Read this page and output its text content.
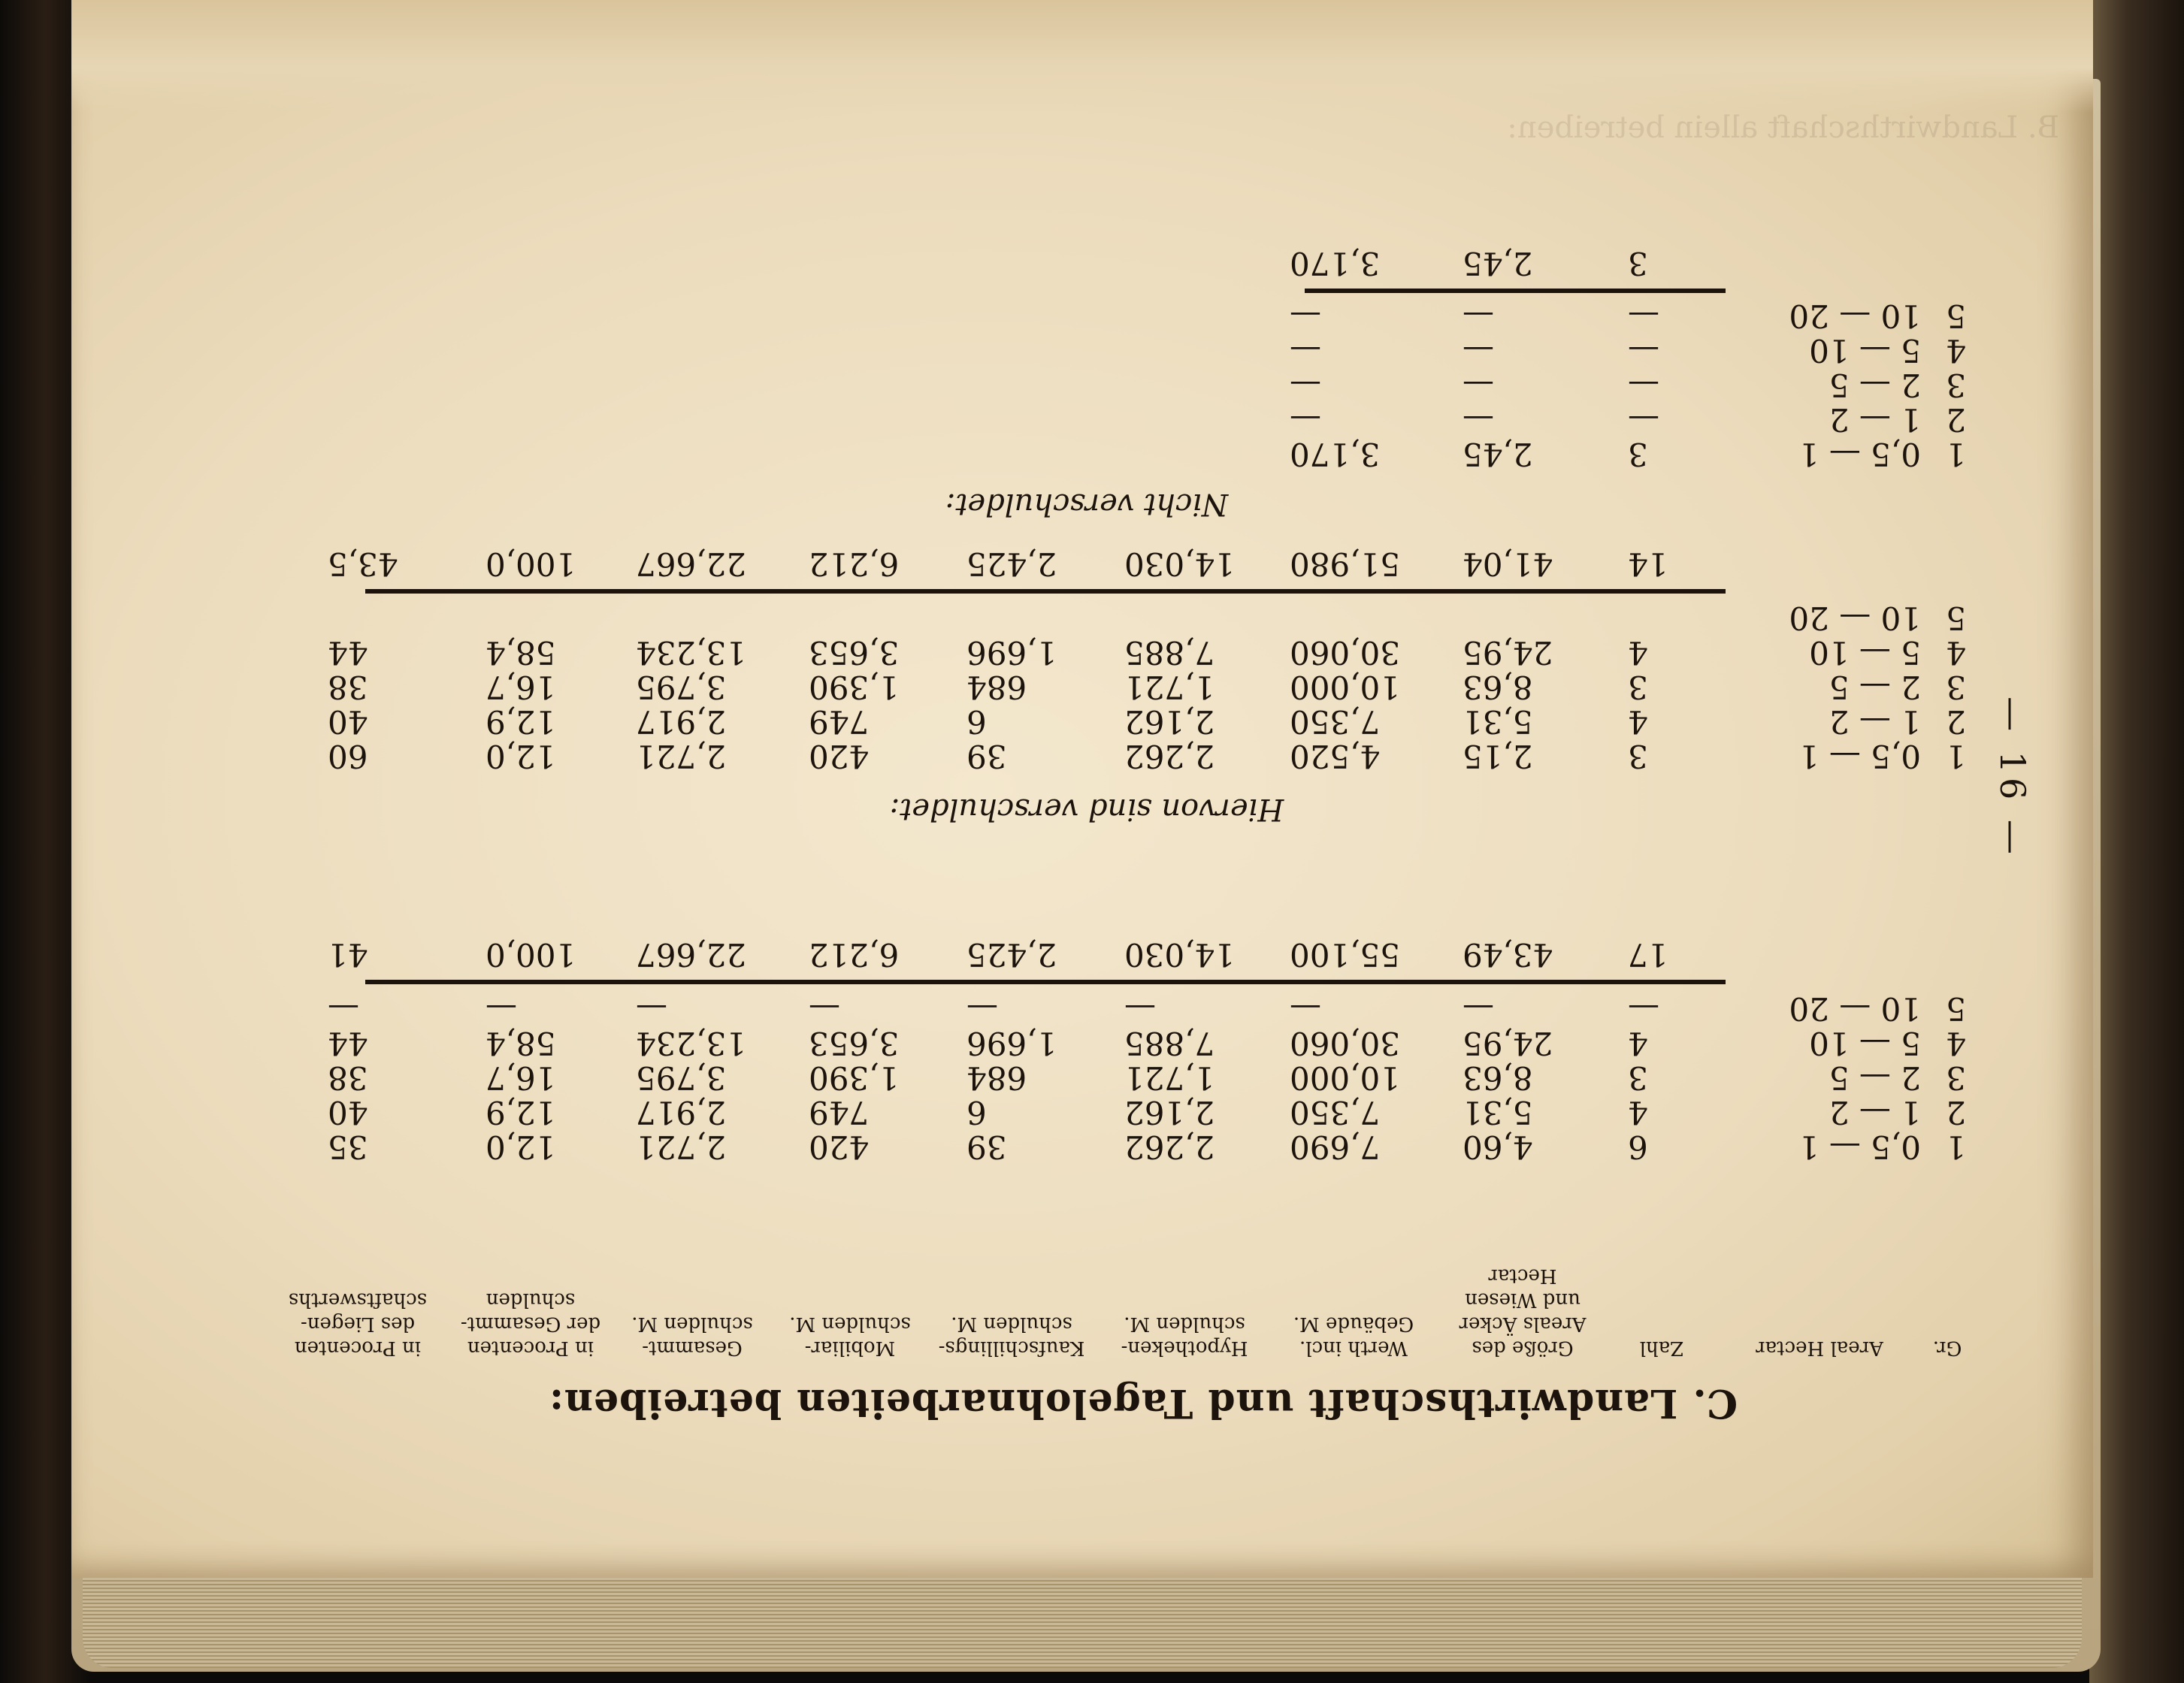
C. Landwirthschaft und Tagelohnarbeiten betreiben:
Gr.
Areal Hectar
Zahl
Größe des Areals Äcker und Wiesen Hectar
Werth incl. Gebäude M.
Hypotheken-schulden M.
Kaufschillings-schulden M.
Mobiliar-schulden M.
Gesammt-schulden M.
in Procenten der Gesammt-schulden
in Procenten des Liegen-schaftswerths
1
0,5 — 1
6
4,60
7,690
2,262
39
420
2,721
12,0
35
2
1 — 2
4
5,31
7,350
2,162
6
749
2,917
12,9
40
3
2 — 5
3
8,63
10,000
1,721
684
1,390
3,795
16,7
38
4
5 — 10
4
24,95
30,060
7,885
1,696
3,653
13,234
58,4
44
5
10 — 20
—
—
—
—
—
—
—
—
—
17
43,49
55,100
14,030
2,425
6,212
22,667
100,0
41
Hiervon sind verschuldet:
1
0,5 — 1
3
2,15
4,520
2,262
39
420
2,721
12,0
60
2
1 — 2
4
5,31
7,350
2,162
6
749
2,917
12,9
40
3
2 — 5
3
8,63
10,000
1,721
684
1,390
3,795
16,7
38
4
5 — 10
4
24,95
30,060
7,885
1,696
3,653
13,234
58,4
44
5
10 — 20
14
41,04
51,980
14,030
2,425
6,212
22,667
100,0
43,5
Nicht verschuldet:
1
0,5 — 1
3
2,45
3,170
2
1 — 2
—
—
—
3
2 — 5
—
—
—
4
5 — 10
—
—
—
5
10 — 20
—
—
—
3
2,45
3,170
— 16 —
